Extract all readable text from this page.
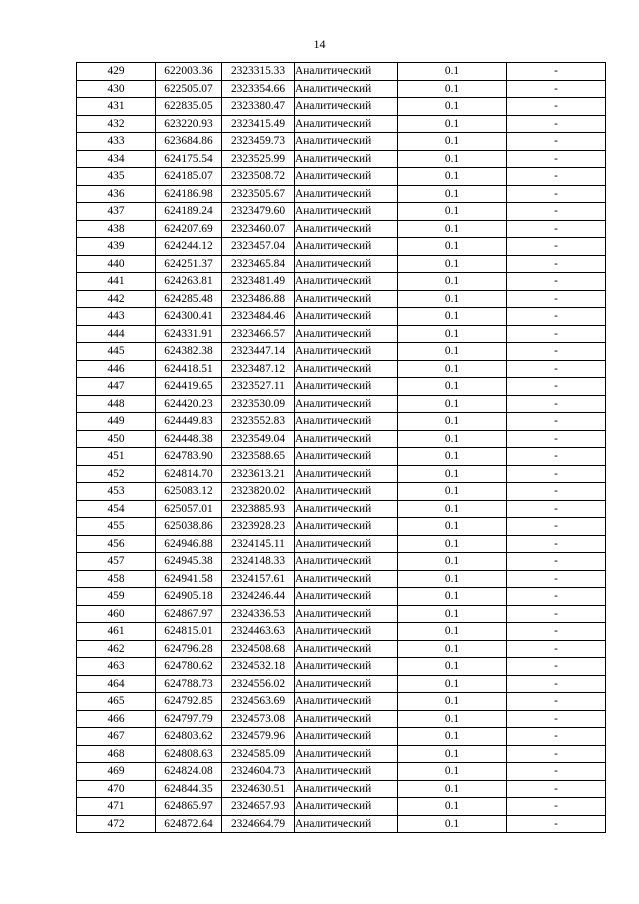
14
429	622003.36	2323315.33	Аналитический	0.1	-
430	622505.07	2323354.66	Аналитический	0.1	-
431	622835.05	2323380.47	Аналитический	0.1	-
432	623220.93	2323415.49	Аналитический	0.1	-
433	623684.86	2323459.73	Аналитический	0.1	-
434	624175.54	2323525.99	Аналитический	0.1	-
435	624185.07	2323508.72	Аналитический	0.1	-
436	624186.98	2323505.67	Аналитический	0.1	-
437	624189.24	2323479.60	Аналитический	0.1	-
438	624207.69	2323460.07	Аналитический	0.1	-
439	624244.12	2323457.04	Аналитический	0.1	-
440	624251.37	2323465.84	Аналитический	0.1	-
441	624263.81	2323481.49	Аналитический	0.1	-
442	624285.48	2323486.88	Аналитический	0.1	-
443	624300.41	2323484.46	Аналитический	0.1	-
444	624331.91	2323466.57	Аналитический	0.1	-
445	624382.38	2323447.14	Аналитический	0.1	-
446	624418.51	2323487.12	Аналитический	0.1	-
447	624419.65	2323527.11	Аналитический	0.1	-
448	624420.23	2323530.09	Аналитический	0.1	-
449	624449.83	2323552.83	Аналитический	0.1	-
450	624448.38	2323549.04	Аналитический	0.1	-
451	624783.90	2323588.65	Аналитический	0.1	-
452	624814.70	2323613.21	Аналитический	0.1	-
453	625083.12	2323820.02	Аналитический	0.1	-
454	625057.01	2323885.93	Аналитический	0.1	-
455	625038.86	2323928.23	Аналитический	0.1	-
456	624946.88	2324145.11	Аналитический	0.1	-
457	624945.38	2324148.33	Аналитический	0.1	-
458	624941.58	2324157.61	Аналитический	0.1	-
459	624905.18	2324246.44	Аналитический	0.1	-
460	624867.97	2324336.53	Аналитический	0.1	-
461	624815.01	2324463.63	Аналитический	0.1	-
462	624796.28	2324508.68	Аналитический	0.1	-
463	624780.62	2324532.18	Аналитический	0.1	-
464	624788.73	2324556.02	Аналитический	0.1	-
465	624792.85	2324563.69	Аналитический	0.1	-
466	624797.79	2324573.08	Аналитический	0.1	-
467	624803.62	2324579.96	Аналитический	0.1	-
468	624808.63	2324585.09	Аналитический	0.1	-
469	624824.08	2324604.73	Аналитический	0.1	-
470	624844.35	2324630.51	Аналитический	0.1	-
471	624865.97	2324657.93	Аналитический	0.1	-
472	624872.64	2324664.79	Аналитический	0.1	-
